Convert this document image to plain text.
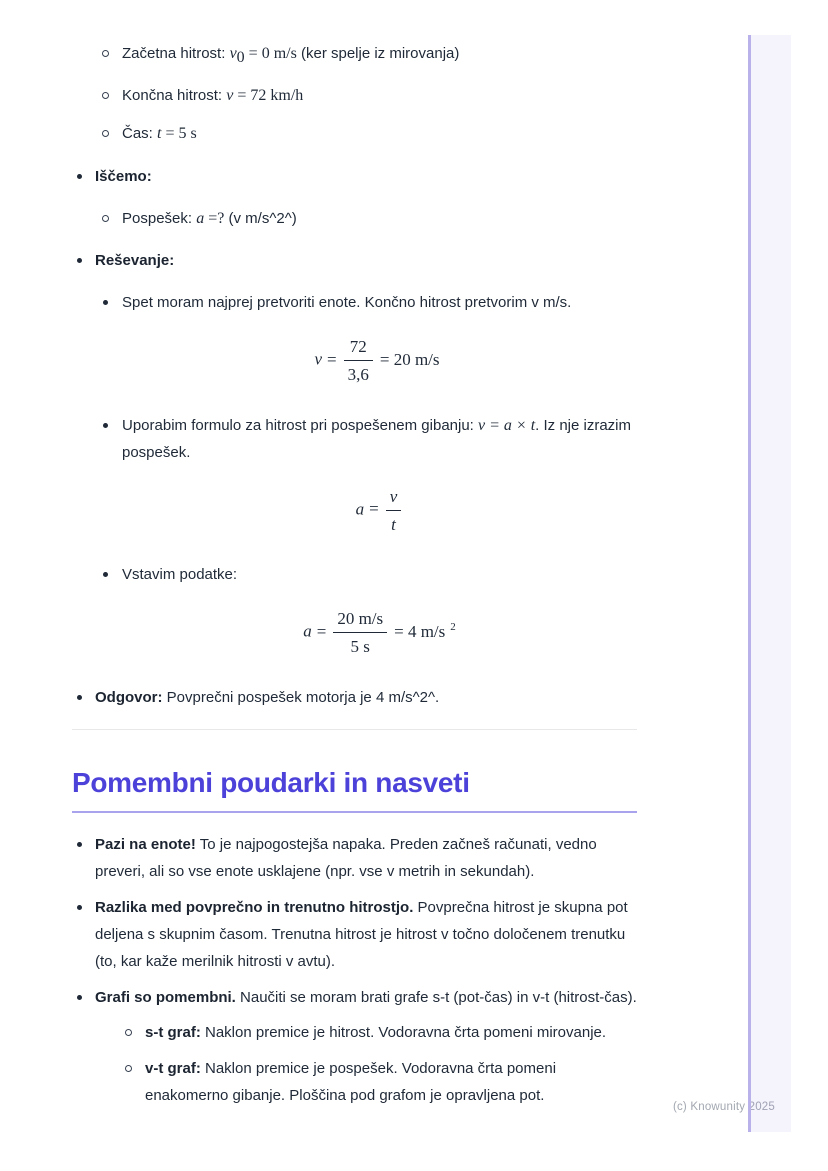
Začetna hitrost: $v_0 = 0$ m/s (ker spelje iz mirovanja)
Končna hitrost: v = 72 km/h
Čas: t = 5 s
Iščemo:
Pospešek: a =? (v m/s^2^)
Reševanje:
Spet moram najprej pretvoriti enote. Končno hitrost pretvorim v m/s.
$v = \frac{72}{3,6} = 20$ m/s
Uporabim formulo za hitrost pri pospešenem gibanju: v = a × t. Iz nje izrazim pospešek.
$a = \frac{v}{t}$
Vstavim podatke:
$a = \frac{20 m/s}{5 s} = 4$ m/s $^2$
Odgovor: Povprečni pospešek motorja je 4 m/s^2^.
Pomembni poudarki in nasveti
Pazi na enote! To je najpogostejša napaka. Preden začneš računati, vedno preveri, ali so vse enote usklajene (npr. vse v metrih in sekundah).
Razlika med povprečno in trenutno hitrostjo. Povprečna hitrost je skupna pot deljena s skupnim časom. Trenutna hitrost je hitrost v točno določenem trenutku (to, kar kaže merilnik hitrosti v avtu).
Grafi so pomembni. Naučiti se moram brati grafe s-t (pot-čas) in v-t (hitrost-čas).
s-t graf: Naklon premice je hitrost. Vodoravna črta pomeni mirovanje.
v-t graf: Naklon premice je pospešek. Vodoravna črta pomeni enakomerno gibanje. Ploščina pod grafom je opravljena pot.
(c) Knowunity 2025
